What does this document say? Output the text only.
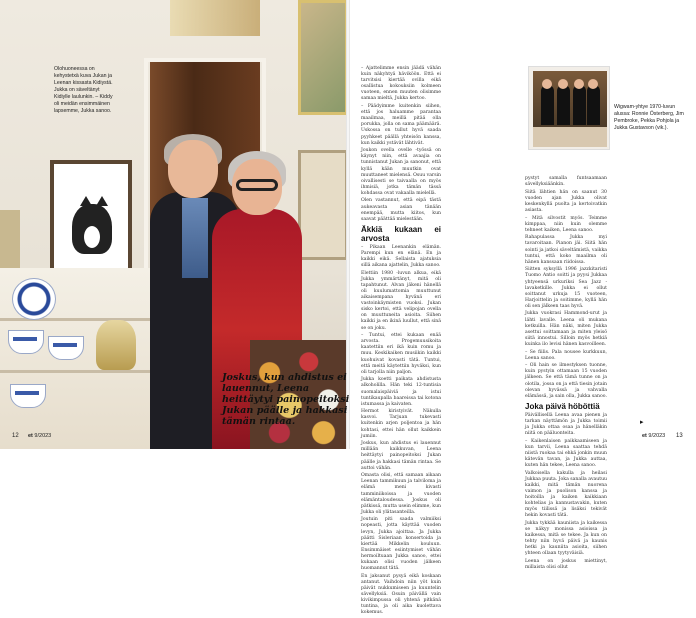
Olohuoneessa on kehystetxä kuva Jukan ja Leenan kissasta Kidiystä. Jukka on säveltänyt Kidiylle laulunkin. – Kiddy oli meidän ensimmäinen lapsemme, Jukka sanoo.
12 et 9/2023

– Ajattelimme ensin jäädä vähän kuin näkyhtyä häviköön. Että ei tarvitsisi kiertää ovilla eikä osallistua kokouksiin kolmeen vuoteen, ennen muuten olisimme samaa mieltä, Jukka kertoo.

– Päädyimme kuitenkin siihen, että jos haluamme parantaa maailmaa, meillä pitää olla porukka, jolla on sama päämäärä. Uskossa on tullut hyvä saada pyyhkeet päällä yhteisön kanssa, kun kaikki ystävät lähtivät.

Joukon ovella ovelle -työssä on käynyt niin, että avaajia on tunnistanut Jukan ja sanonut, että kyllä kään muutkin ovat muuttaneet mielensä. Osuu varsin oivallisesti se taivaalla on myös ihmisiä, jotka tämän tässä kohdassa ovat vakaalla mielellä.

Olen vastannut, että eipä tästä aukeavasta asian tänään enempää, mutta kiitos, kun saavat päättää mielestään.

Äkkiä kukaan ei arvosta

– Pikaan Leenankin elämän. Parempi kun en elänä. En ja kaikki eikä. Sellaista ajatuksia sillä aikana ajattelin, Jukka sanoo.

Elettiin 1980 -luvun alkua, eikä Jukka ymmärtänyt, mitä oli tapahtunut. Alvan jäkeni hänellä oli kuulumattomia muuttunut aikaisempana hyvänä eri vastoinkäymisten vuoksi. Jukan sisko kertoi, että velipojan ovella on muuttuneita asioita. Siihen kaikki ja en ikinä luullut, että sinä se on joku.

– Tuntui, ettei kukaan enää arvosta. Progemuusikoita kaatettiin eri ikä kuin romu ja muu. Keskikaiken musiikin kaikki kuohuivat kovasti tätä. Tuntui, että meitä käytettiin hyväksi, kun oli tarjolla niin paljon.

Jukka koetti paikata ahdistusta alkoholilla. Hän teki 12-tuntisia suomalaispäiviä ja istui tuntikaupalla baareissa tai kotona istumassa ja kaivaten.

Hermot kiristyivät. Näkulla kasvoi. Tarjuan tukevasti kuitenkin arjen poljentoa ja hän kohtasi, ettei hän ollut kaikkein jumiin.

Joskus, kun ahdistus ei lauennut millään kaikkuvan, Leena heittäytyi painopeitoksi Jukan päälle ja hakkasi tämän rintaa. Se auttoi vähän.

Omasta olisi, että samaan aikaan Leenan tammikuun ja talviloma ja elämä meni kivasti tamminiikoissa ja vuoden elämäntaloudessa. Joskus oli pätkissä, mutta usein elimme, kun Jukka oli ylätasanteilla.

Joutuin piti saada valmiiksi nopeasti, jotta käyttää vuoden levyn, Jukka ajoittaa. Ja Jukka päätti Sisleriaan konsertoida ja kiertää Mikkelin kouluun. Ensimmäiset esiintymiset vähän hermoiltuaan Jukka sanoo, ettei kukaan olisi vuoden jälkeen huomannut tätä.

En jaksanut pysyä eikä koskaan antanut. Vaihdoin niin yöt kuin päivät nukkumiseen ja kuuntelin sävellyksiä. Osuin päivällä vain kivikimpussa oli yhtenä pitkänä tuntina, ja oli aika kuolettava kokemus.

pystyt samalla funtsaamaan sävellyksiäänkin.

Siitä lähtien hän on saanut 30 vuoden ajan Jukka olivat keskenkyllä puolta ja kertoivatkin asiasta.

– Mitä silvostit myös. Teimme kimppaa, niin kuin olemme tehneet kaiken, Leena sanoo.

Rahapulassa Jukka myi tavaroitaan. Pianon jäi. Siitä hän sointi ja jatkoi säveltämistä, vaikka tuntui, että koko maailma oli hänen kanssaan riidoissa.

Siitten syksyllä 1996 jazzkitaristi Tuomo Antio soitti ja pyysi Jukkaa yhtyeensä urkuriksi Sea Jazz -lavaketkille. Jukka ei ollut soittanut urkuja 15 vuoteen, Harjoittelin ja soitimme, kyllä hän oli sen jälkeen taas hyvä.

Jukka vuokrasi Hammond-urut ja lähti lavalle. Leena oli mukana ketkuilla. Hän näki, miten Jukka asettui soittamaan ja miten yleisö siitä innostui. Silloin myös hetkiä kuinka ilo levisi hänen kasvoilleen.

– Se fiilis. Pala nousee kurkkuun, Leena sanoo.

– Oli hain se ilmestyksen tuonne, kuin pystyin ottamaan 15 vuoden jälkeen. Se että tämä tunne on ja olotila, jossa on ja että tiesin jotain olevan hyvässä ja vahvalla elämässä, ja sain olla, Jukka sanoo.

Joka päivä höböttiä

Päivällisellä Leena avaa pienen ja tarkan näyttämön ja Jukka toimii ja Jukka ottaa osaa ja hänelläkin niitä on pääluonteita.

– Kaikenlaisen paikkaamiseen ja kun tarvii, Leena saattaa tehdä niistä ruokaa tai ehkä jonkin muun kätevän tavan, ja Jukka auttaa, kuten hän tekee, Leena sanoo.

Valkoisella kakulla ja heilasi Jukkaa puuta. Joka sanalla avautuu kaikki, mitä tämän nuorena vaimon ja puolison kanssa ja hoitoilla ja kaiken kaikkiaan kohtelias ja kannustavakin, kuten myös tiilissä ja lisäksi tekivät hekin kovasti tätä.

Jukka tykkää kauniista ja kaikessa se näkyy monissa asioissa ja kaikessa, mitä se tekee. Ja kun on tehty niin hyvä päivä ja kaunis hetki ja kauniita asioita, siihen yhteen ollaan tyytyväisiä.

Leena on joskus miettinyt, millaista olisi ollut

Joskus, kun ahdistus ei lauennut, Leena heittäytyi painopeitoksi Jukan päälle ja hakkasi tämän rintaa.
Wigwam-yhtye 1970-luvun alussa: Ronnie Österberg, Jim Pembroke, Pekka Pohjola ja Jukka Gustavson (vik.).
▸
et 9/2023 13
